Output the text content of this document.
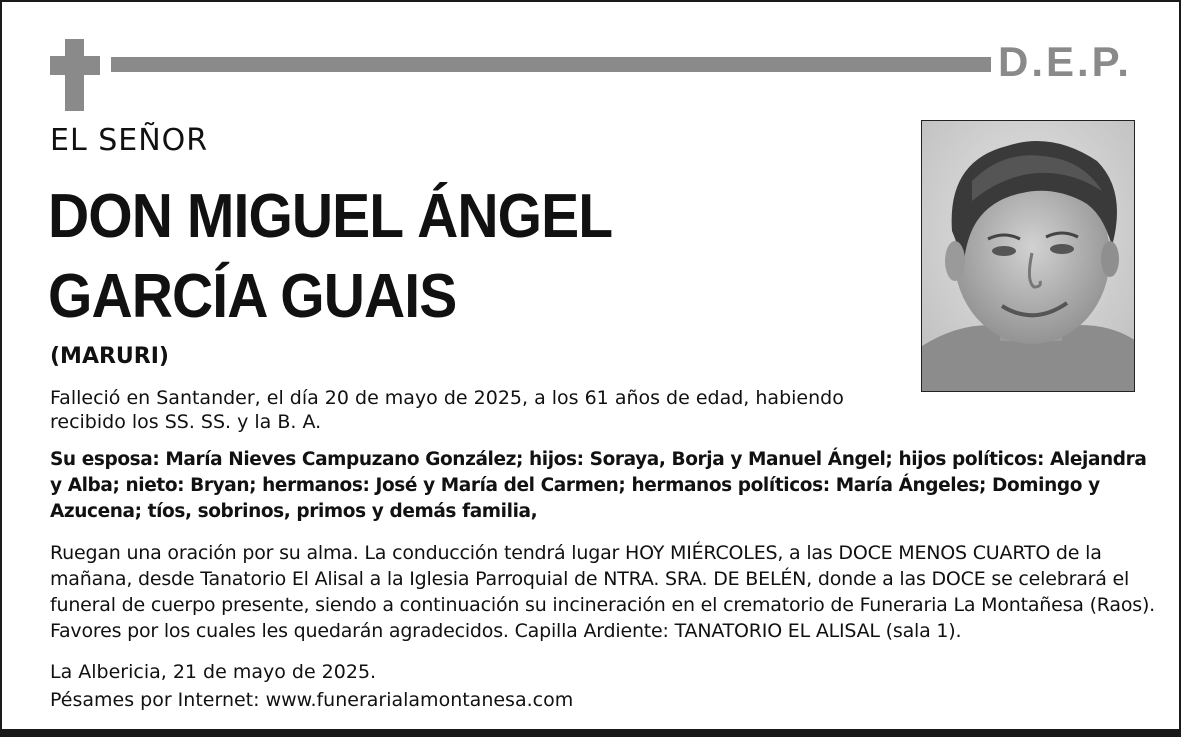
D.E.P.
EL SEÑOR
DON MIGUEL ÁNGEL
GARCÍA GUAIS
(MARURI)
Falleció en Santander, el día 20 de mayo de 2025, a los 61 años de edad, habiendo recibido los SS. SS. y la B. A.
Su esposa: María Nieves Campuzano González; hijos: Soraya, Borja y Manuel Ángel; hijos políticos: Alejandra y Alba; nieto: Bryan; hermanos: José y María del Carmen; hermanos políticos: María Ángeles; Domingo y Azucena; tíos, sobrinos, primos y demás familia,
Ruegan una oración por su alma. La conducción tendrá lugar HOY MIÉRCOLES, a las DOCE MENOS CUARTO de la mañana, desde Tanatorio El Alisal a la Iglesia Parroquial de NTRA. SRA. DE BELÉN, donde a las DOCE se celebrará el funeral de cuerpo presente, siendo a continuación su incineración en el crematorio de Funeraria La Montañesa (Raos). Favores por los cuales les quedarán agradecidos. Capilla Ardiente: TANATORIO EL ALISAL (sala 1).
La Albericia, 21 de mayo de 2025.
Pésames por Internet: www.funerarialamontanesa.com
